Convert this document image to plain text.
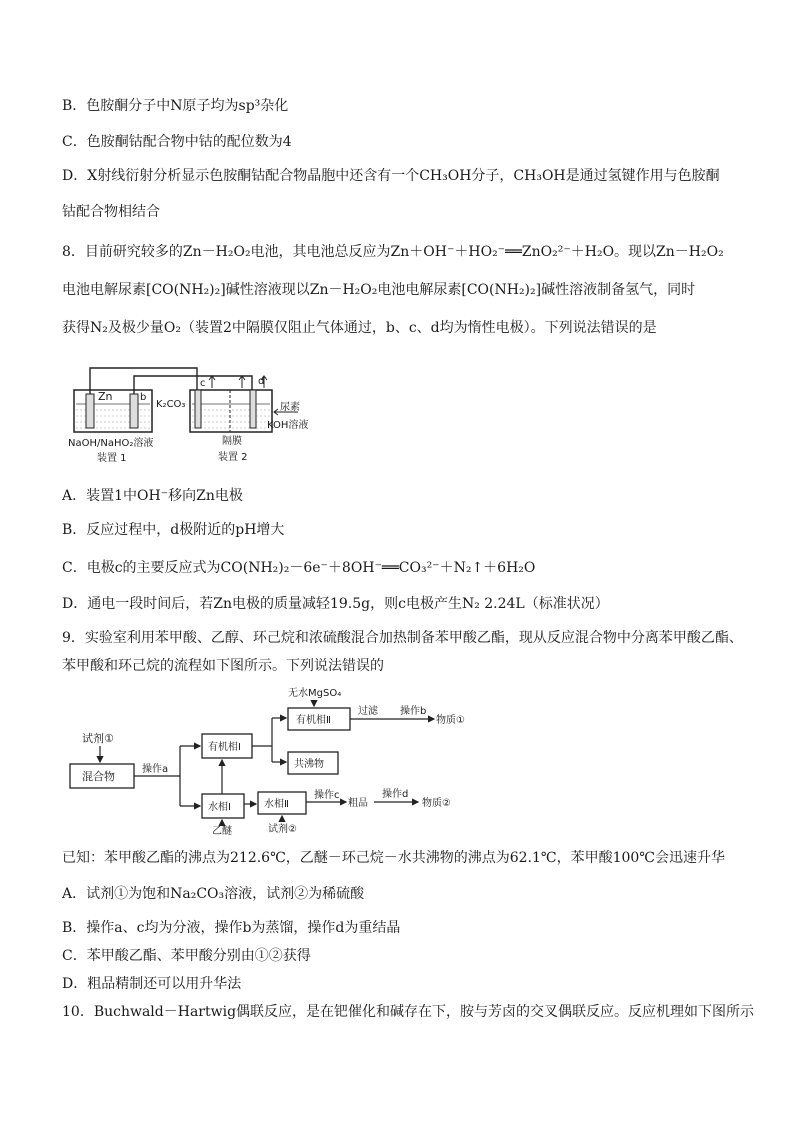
B．色胺酮分子中N原子均为sp³杂化
C．色胺酮钴配合物中钴的配位数为4
D．X射线衍射分析显示色胺酮钴配合物晶胞中还含有一个CH₃OH分子，CH₃OH是通过氢键作用与色胺酮
钴配合物相结合
8．目前研究较多的Zn－H₂O₂电池，其电池总反应为Zn＋OH⁻＋HO₂⁻══ZnO₂²⁻＋H₂O。现以Zn－H₂O₂
电池电解尿素[CO(NH₂)₂]碱性溶液现以Zn－H₂O₂电池电解尿素[CO(NH₂)₂]碱性溶液制备氢气，同时
获得N₂及极少量O₂（装置2中隔膜仅阻止气体通过，b、c、d均为惰性电极）。下列说法错误的是
Zn	b
K₂CO₃
c	d
尿素
KOH溶液
NaOH/NaHO₂溶液
装置 1
隔膜
装置 2
A．装置1中OH⁻移向Zn电极
B．反应过程中，d极附近的pH增大
C．电极c的主要反应式为CO(NH₂)₂－6e⁻＋8OH⁻══CO₃²⁻＋N₂↑＋6H₂O
D．通电一段时间后，若Zn电极的质量减轻19.5g，则c电极产生N₂ 2.24L（标准状况）
9．实验室利用苯甲酸、乙醇、环己烷和浓硫酸混合加热制备苯甲酸乙酯，现从反应混合物中分离苯甲酸乙酯、
苯甲酸和环己烷的流程如下图所示。下列说法错误的
试剂①
混合物
操作a
有机相Ⅰ
水相Ⅰ
乙醚
无水MgSO₄
有机相Ⅱ
过滤 操作b
物质①
共沸物
水相Ⅱ
试剂②
操作c
粗品
操作d
物质②
已知：苯甲酸乙酯的沸点为212.6℃，乙醚－环己烷－水共沸物的沸点为62.1℃，苯甲酸100℃会迅速升华
A．试剂①为饱和Na₂CO₃溶液，试剂②为稀硫酸
B．操作a、c均为分液，操作b为蒸馏，操作d为重结晶
C．苯甲酸乙酯、苯甲酸分别由①②获得
D．粗品精制还可以用升华法
10．Buchwald－Hartwig偶联反应，是在钯催化和碱存在下，胺与芳卤的交叉偶联反应。反应机理如下图所示
